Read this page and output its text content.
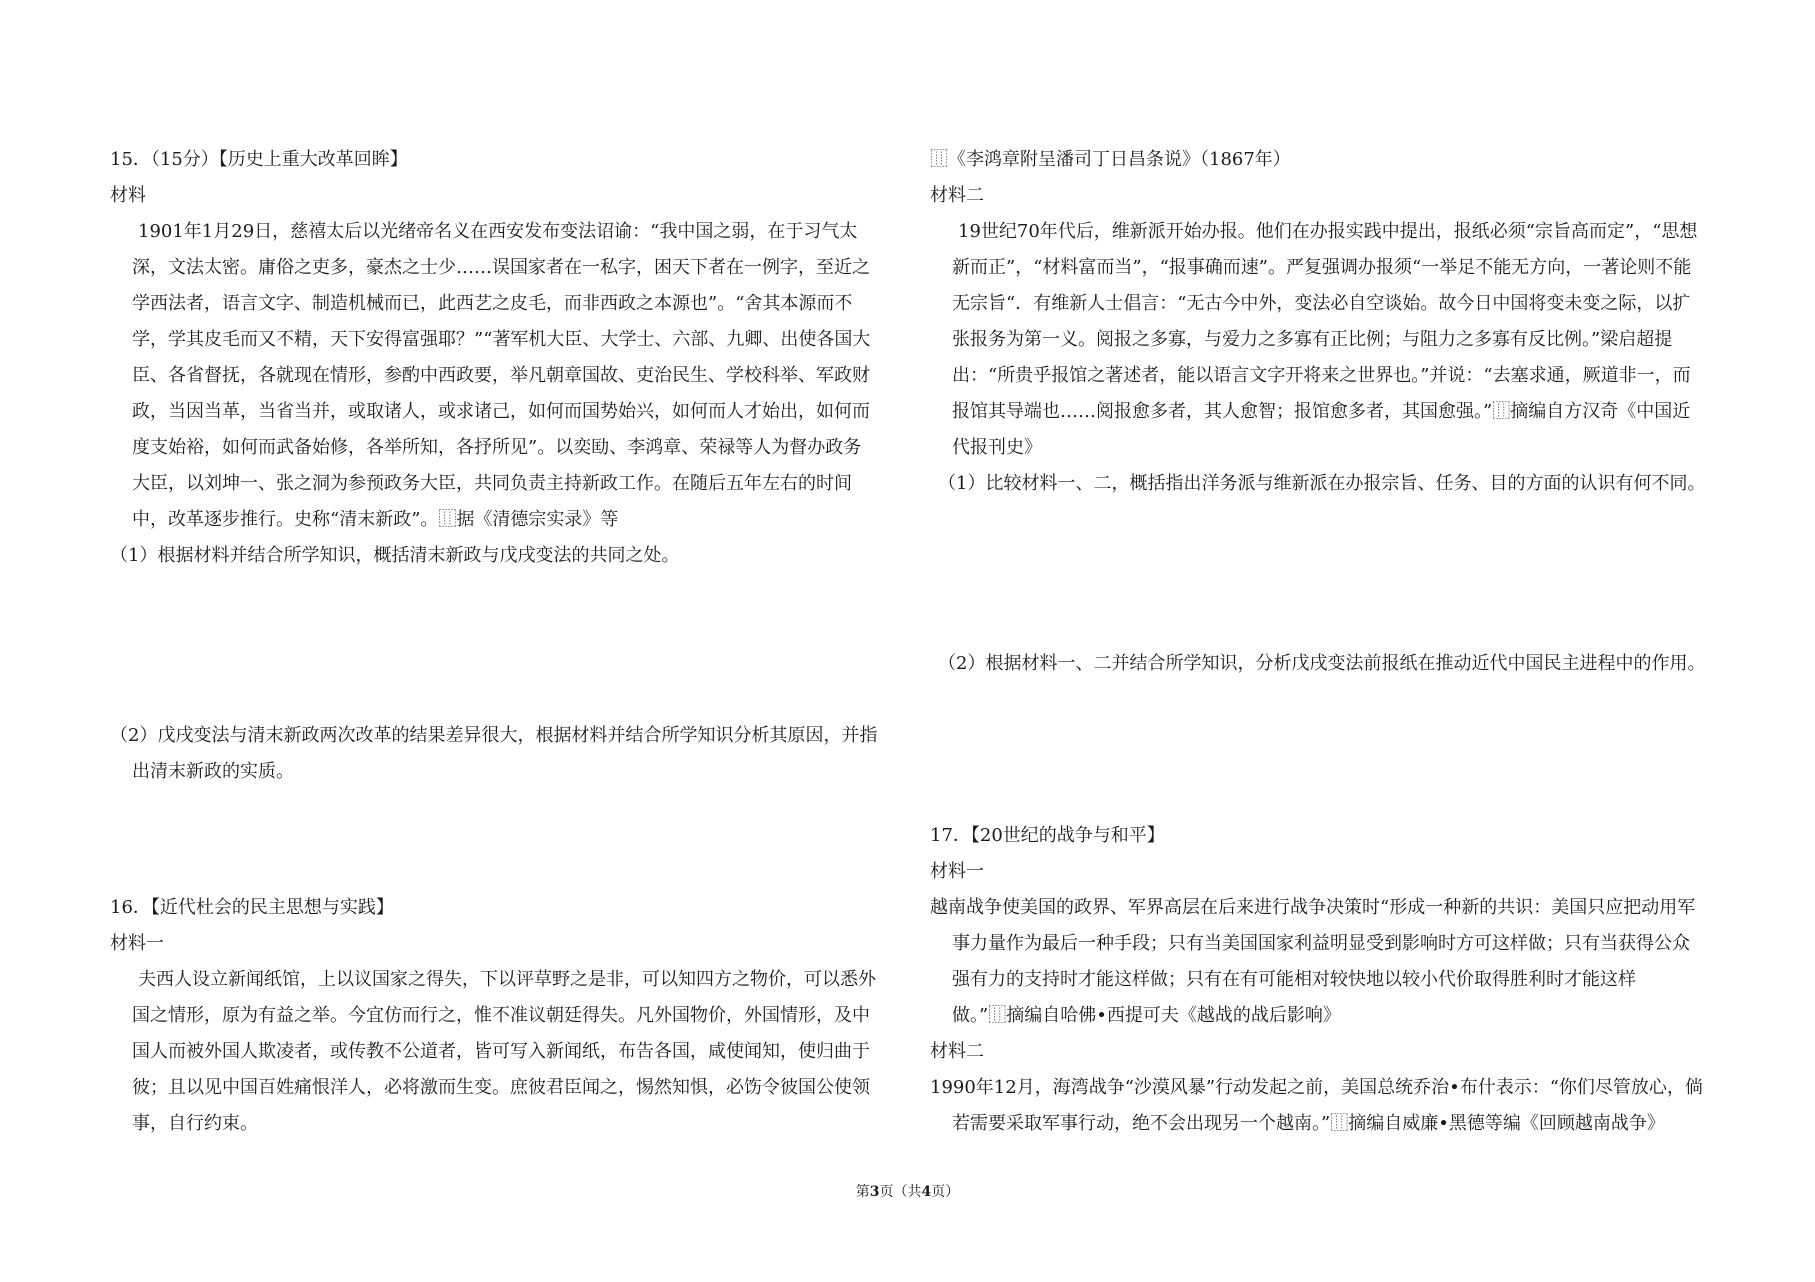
15．（15分）【历史上重大改革回眸】
材料
1901年1月29日，慈禧太后以光绪帝名义在西安发布变法诏谕：“我中国之弱，在于习气太
深，文法太密。庸俗之吏多，豪杰之士少……误国家者在一私字，困天下者在一例字，至近之
学西法者，语言文字、制造机械而已，此西艺之皮毛，而非西政之本源也”。“舍其本源而不
学，学其皮毛而又不精，天下安得富强耶？”“著军机大臣、大学士、六部、九卿、出使各国大
臣、各省督抚，各就现在情形，参酌中西政要，举凡朝章国故、吏治民生、学校科举、军政财
政，当因当革，当省当并，或取诸人，或求诸己，如何而国势始兴，如何而人才始出，如何而
度支始裕，如何而武备始修，各举所知，各抒所见”。以奕劻、李鸿章、荣禄等人为督办政务
大臣，以刘坤一、张之洞为参预政务大臣，共同负责主持新政工作。在随后五年左右的时间
中，改革逐步推行。史称“清末新政”。⿲据《清德宗实录》等
（1）根据材料并结合所学知识，概括清末新政与戊戌变法的共同之处。
（2）戊戌变法与清末新政两次改革的结果差异很大，根据材料并结合所学知识分析其原因，并指
出清末新政的实质。
16．【近代杜会的民主思想与实践】
材料一
夫西人设立新闻纸馆，上以议国家之得失，下以评草野之是非，可以知四方之物价，可以悉外
国之情形，原为有益之举。今宜仿而行之，惟不准议朝廷得失。凡外国物价，外国情形，及中
国人而被外国人欺凌者，或传教不公道者，皆可写入新闻纸，布告各国，咸使闻知，使归曲于
彼；且以见中国百姓痛恨洋人，必将激而生变。庶彼君臣闻之，惕然知惧，必饬令彼国公使领
事，自行约束。
⿲《李鸿章附呈潘司丁日昌条说》（1867年）
材料二
19世纪70年代后，维新派开始办报。他们在办报实践中提出，报纸必须“宗旨高而定”，“思想
新而正”，“材料富而当”，“报事确而速”。严复强调办报须“一举足不能无方向，一著论则不能
无宗旨“．有维新人士倡言：“无古今中外，变法必自空谈始。故今日中国将变未变之际，以扩
张报务为第一义。阅报之多寡，与爱力之多寡有正比例；与阻力之多寡有反比例。”梁启超提
出：“所贵乎报馆之著述者，能以语言文字开将来之世界也。”并说：“去塞求通，厥道非一，而
报馆其导端也……阅报愈多者，其人愈智；报馆愈多者，其国愈强。”⿲摘编自方汉奇《中国近
代报刊史》
（1）比较材料一、二，概括指出洋务派与维新派在办报宗旨、任务、目的方面的认识有何不同。
（2）根据材料一、二并结合所学知识，分析戊戌变法前报纸在推动近代中国民主进程中的作用。
17．【20世纪的战争与和平】
材料一
越南战争使美国的政界、军界高层在后来进行战争决策时“形成一种新的共识：美国只应把动用军
事力量作为最后一种手段；只有当美国国家利益明显受到影响时方可这样做；只有当获得公众
强有力的支持时才能这样做；只有在有可能相对较快地以较小代价取得胜利时才能这样
做。”⿲摘编自哈佛•西提可夫《越战的战后影响》
材料二
1990年12月，海湾战争“沙漠风暴”行动发起之前，美国总统乔治•布什表示：“你们尽管放心，倘
若需要采取军事行动，绝不会出现另一个越南。”⿲摘编自威廉•黑德等编《回顾越南战争》
第3页（共4页）
